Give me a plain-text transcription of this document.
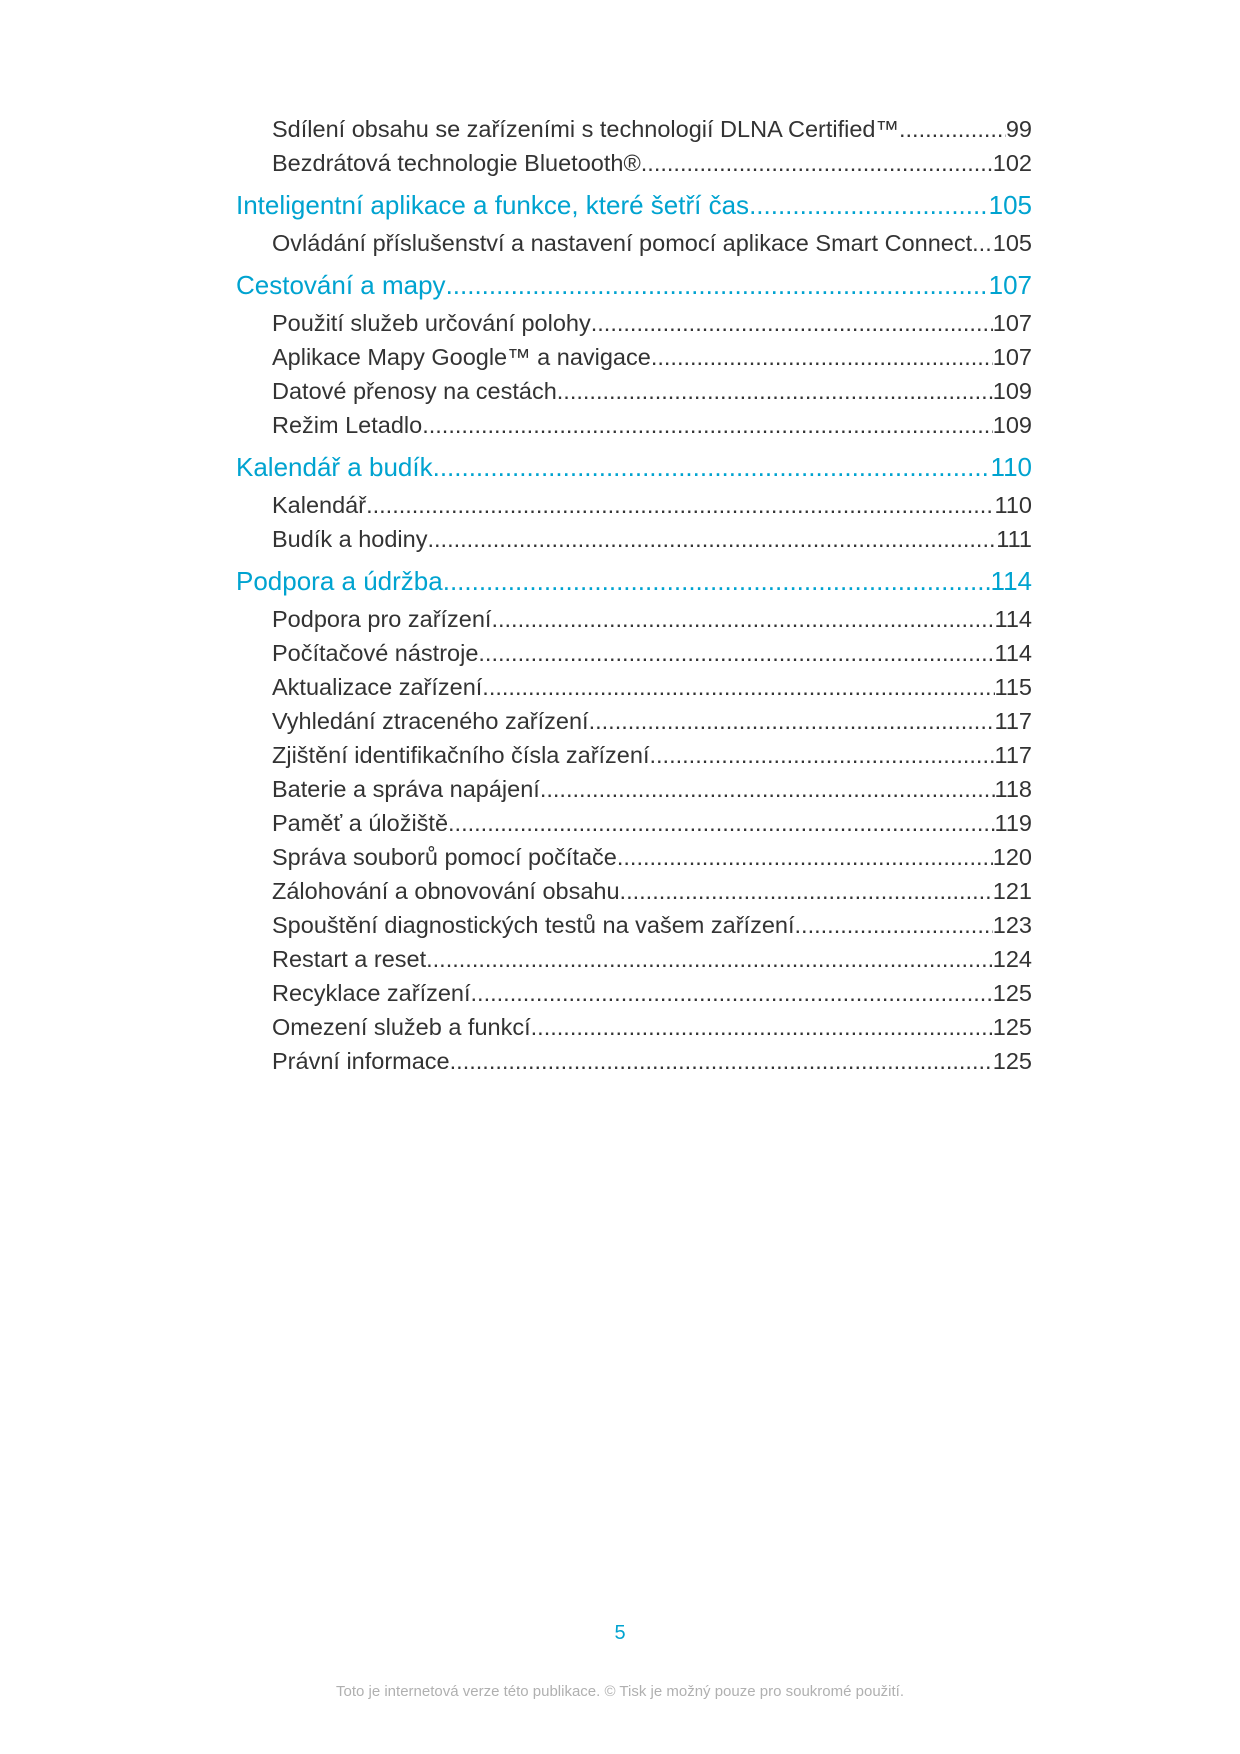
Sdílení obsahu se zařízeními s technologií DLNA Certified™ .....	99
Bezdrátová technologie Bluetooth® .....	102
Inteligentní aplikace a funkce, které šetří čas .....	105
Ovládání příslušenství a nastavení pomocí aplikace Smart Connect ..... 105
Cestování a mapy .....	107
Použití služeb určování polohy .....	107
Aplikace Mapy Google™ a navigace .....	107
Datové přenosy na cestách .....	109
Režim Letadlo .....	109
Kalendář a budík .....	110
Kalendář .....	110
Budík a hodiny .....	111
Podpora a údržba .....	114
Podpora pro zařízení .....	114
Počítačové nástroje .....	114
Aktualizace zařízení .....	115
Vyhledání ztraceného zařízení .....	117
Zjištění identifikačního čísla zařízení .....	117
Baterie a správa napájení .....	118
Paměť a úložiště .....	119
Správa souborů pomocí počítače .....	120
Zálohování a obnovování obsahu .....	121
Spouštění diagnostických testů na vašem zařízení .....	123
Restart a reset .....	124
Recyklace zařízení .....	125
Omezení služeb a funkcí .....	125
Právní informace .....	125
5
Toto je internetová verze této publikace. © Tisk je možný pouze pro soukromé použití.
